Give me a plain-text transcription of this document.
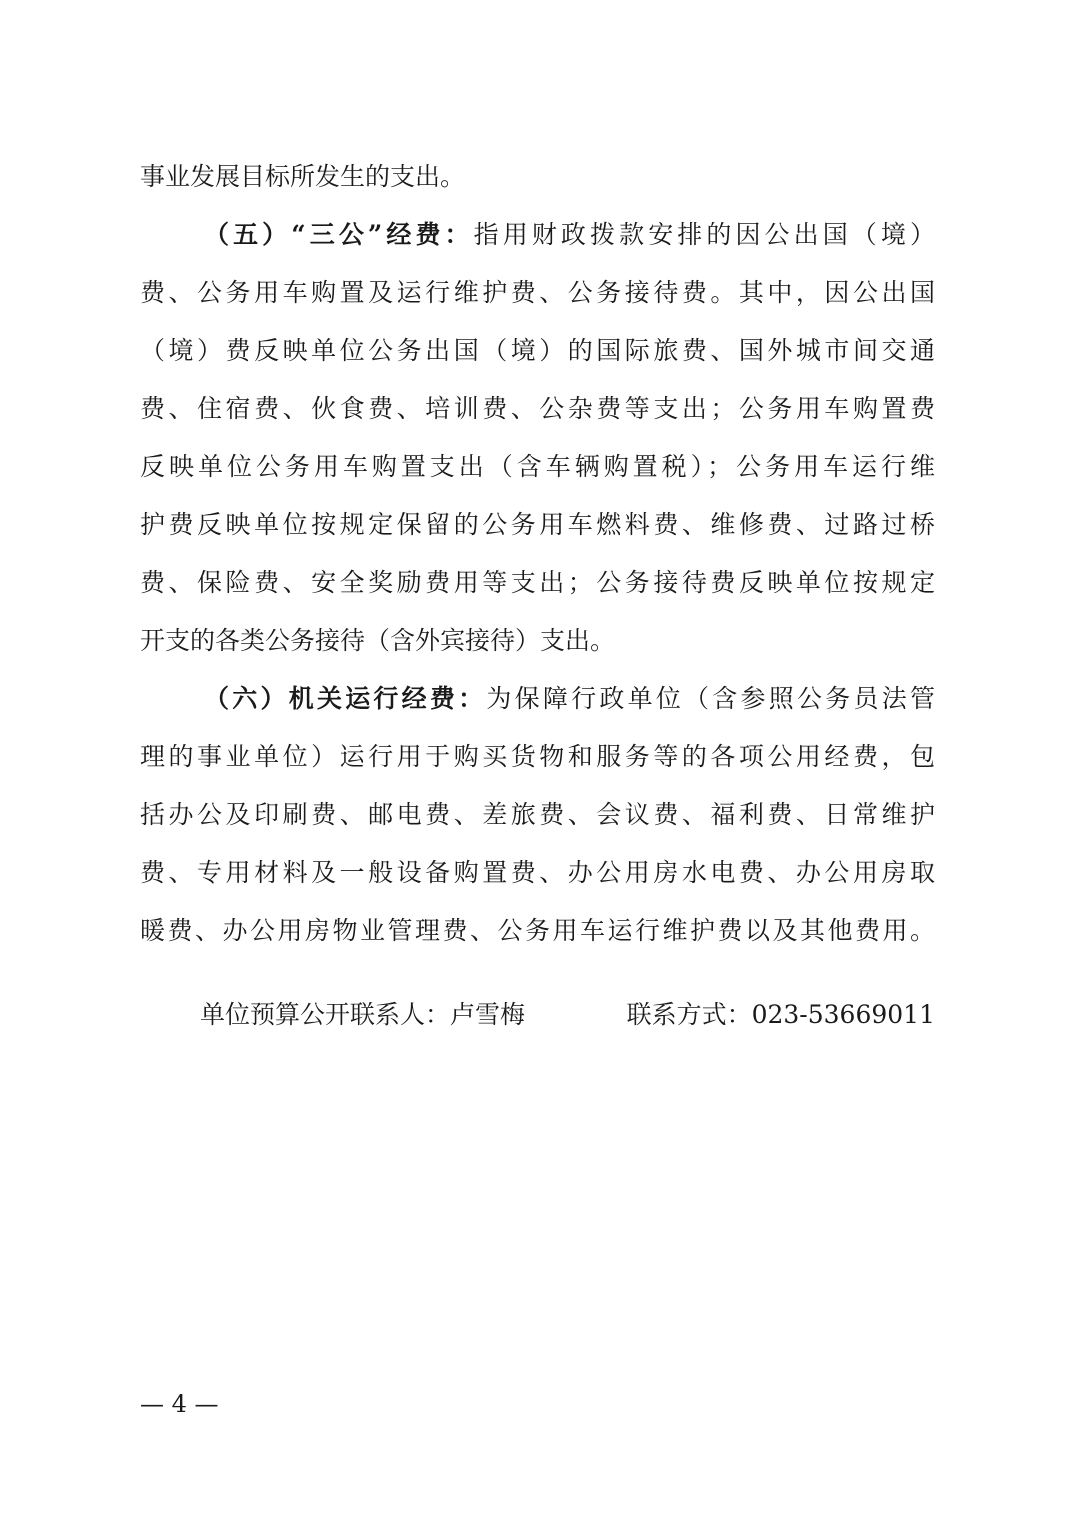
事业发展目标所发生的支出。
（五）“三公”经费：指用财政拨款安排的因公出国（境）
费、公务用车购置及运行维护费、公务接待费。其中，因公出国
（境）费反映单位公务出国（境）的国际旅费、国外城市间交通
费、住宿费、伙食费、培训费、公杂费等支出；公务用车购置费
反映单位公务用车购置支出（含车辆购置税）；公务用车运行维
护费反映单位按规定保留的公务用车燃料费、维修费、过路过桥
费、保险费、安全奖励费用等支出；公务接待费反映单位按规定
开支的各类公务接待（含外宾接待）支出。
（六）机关运行经费：为保障行政单位（含参照公务员法管
理的事业单位）运行用于购买货物和服务等的各项公用经费，包
括办公及印刷费、邮电费、差旅费、会议费、福利费、日常维护
费、专用材料及一般设备购置费、办公用房水电费、办公用房取
暖费、办公用房物业管理费、公务用车运行维护费以及其他费用。
单位预算公开联系人：卢雪梅	联系方式：023-53669011
— 4 —
